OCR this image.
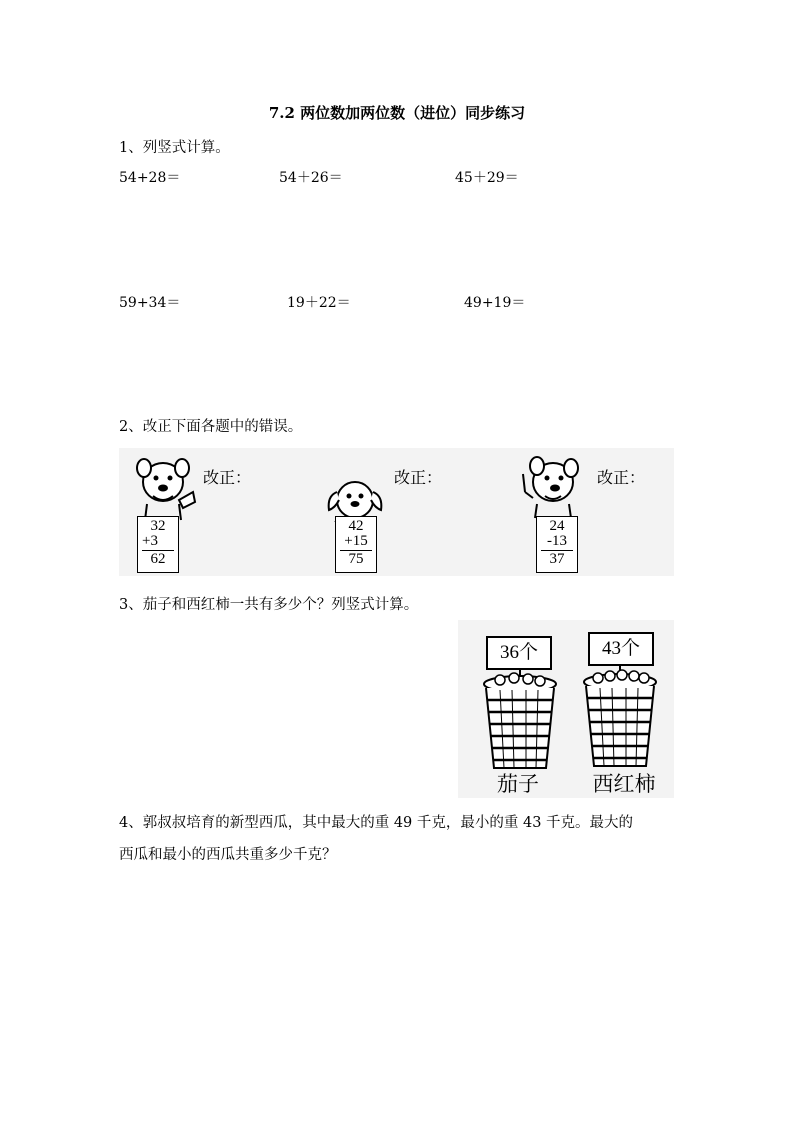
7.2 两位数加两位数（进位）同步练习
1、列竖式计算。
54+28＝	54＋26＝	45＋29＝
59+34＝	19＋22＝	49+19＝
2、改正下面各题中的错误。
改正：
32
+3
62
改正：
42
+15
75
改正：
24
-13
37
3、茄子和西红柿一共有多少个？列竖式计算。
36个
茄子
43个
西红柿
4、郭叔叔培育的新型西瓜，其中最大的重 49 千克，最小的重 43 千克。最大的
西瓜和最小的西瓜共重多少千克？
